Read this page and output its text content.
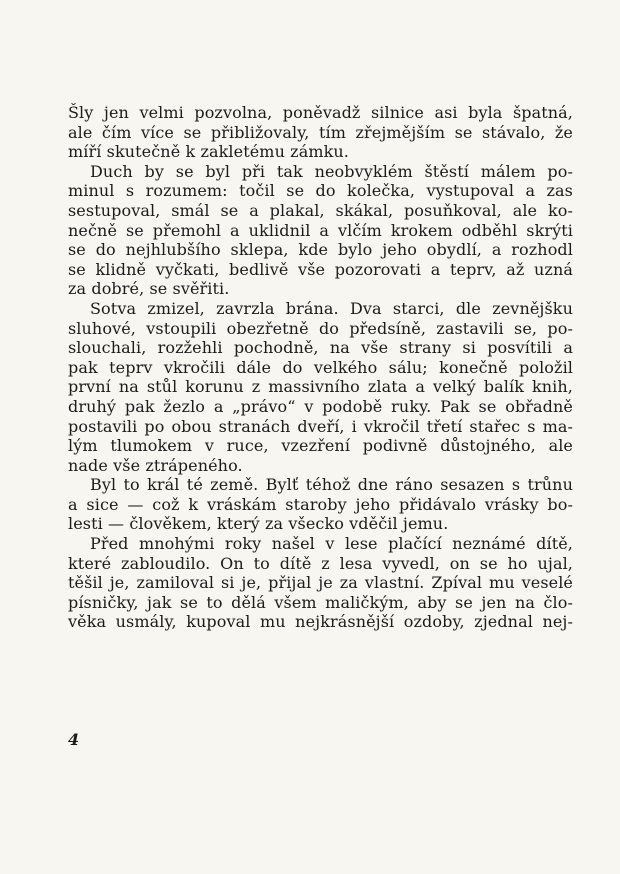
Šly jen velmi pozvolna, poněvadž silnice asi byla špatná,
ale čím více se přibližovaly, tím zřejmějším se stávalo, že
míří skutečně k zakletému zámku.
Duch by se byl při tak neobvyklém štěstí málem po-
minul s rozumem: točil se do kolečka, vystupoval a zas
sestupoval, smál se a plakal, skákal, posuňkoval, ale ko-
nečně se přemohl a uklidnil a vlčím krokem odběhl skrýti
se do nejhlubšího sklepa, kde bylo jeho obydlí, a rozhodl
se klidně vyčkati, bedlivě vše pozorovati a teprv, až uzná
za dobré, se svěřiti.
Sotva zmizel, zavrzla brána. Dva starci, dle zevnějšku
sluhové, vstoupili obezřetně do předsíně, zastavili se, po-
slouchali, rozžehli pochodně, na vše strany si posvítili a
pak teprv vkročili dále do velkého sálu; konečně položil
první na stůl korunu z massivního zlata a velký balík knih,
druhý pak žezlo a „právo“ v podobě ruky. Pak se obřadně
postavili po obou stranách dveří, i vkročil třetí stařec s ma-
lým tlumokem v ruce, vzezření podivně důstojného, ale
nade vše ztrápeného.
Byl to král té země. Bylť téhož dne ráno sesazen s trůnu
a sice — což k vráskám staroby jeho přidávalo vrásky bo-
lesti — člověkem, který za všecko vděčil jemu.
Před mnohými roky našel v lese plačící neznámé dítě,
které zabloudilo. On to dítě z lesa vyvedl, on se ho ujal,
těšil je, zamiloval si je, přijal je za vlastní. Zpíval mu veselé
písničky, jak se to dělá všem maličkým, aby se jen na člo-
věka usmály, kupoval mu nejkrásnější ozdoby, zjednal nej-
4
